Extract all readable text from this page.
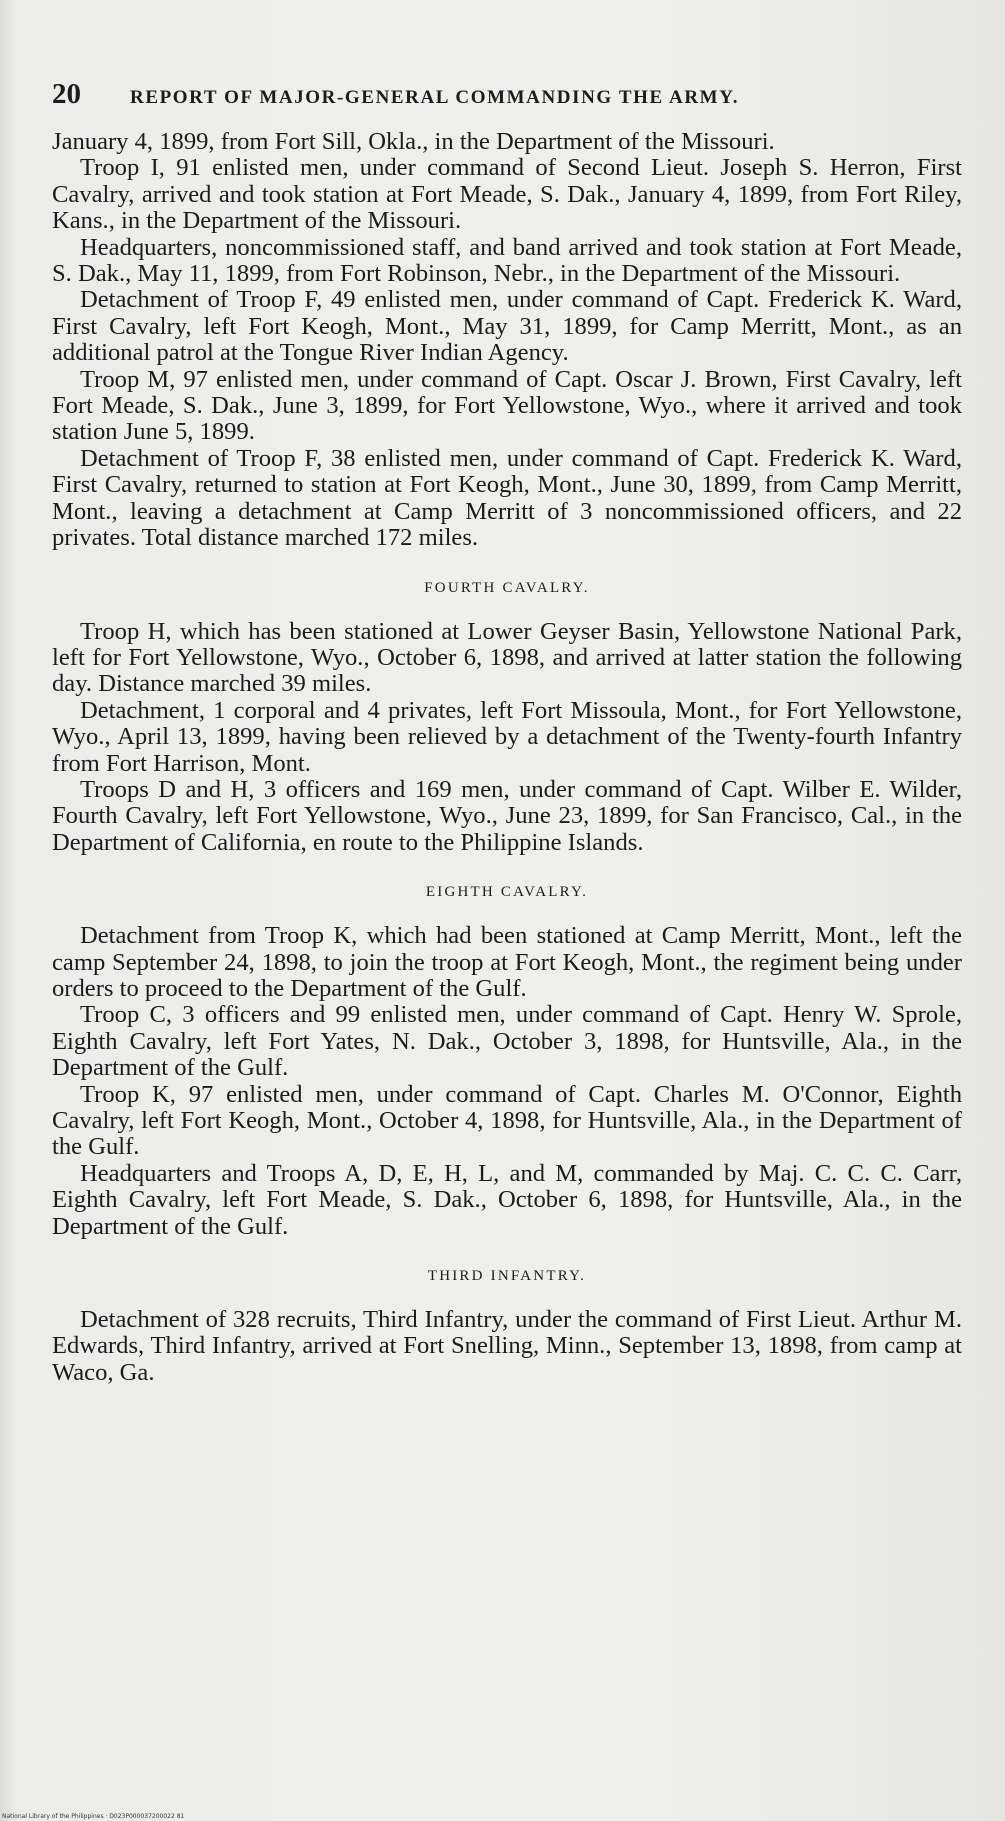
20	REPORT OF MAJOR-GENERAL COMMANDING THE ARMY.

January 4, 1899, from Fort Sill, Okla., in the Department of the Missouri.

Troop I, 91 enlisted men, under command of Second Lieut. Joseph S. Herron, First Cavalry, arrived and took station at Fort Meade, S. Dak., January 4, 1899, from Fort Riley, Kans., in the Department of the Missouri.

Headquarters, noncommissioned staff, and band arrived and took station at Fort Meade, S. Dak., May 11, 1899, from Fort Robinson, Nebr., in the Department of the Missouri.

Detachment of Troop F, 49 enlisted men, under command of Capt. Frederick K. Ward, First Cavalry, left Fort Keogh, Mont., May 31, 1899, for Camp Merritt, Mont., as an additional patrol at the Tongue River Indian Agency.

Troop M, 97 enlisted men, under command of Capt. Oscar J. Brown, First Cavalry, left Fort Meade, S. Dak., June 3, 1899, for Fort Yellowstone, Wyo., where it arrived and took station June 5, 1899.

Detachment of Troop F, 38 enlisted men, under command of Capt. Frederick K. Ward, First Cavalry, returned to station at Fort Keogh, Mont., June 30, 1899, from Camp Merritt, Mont., leaving a detachment at Camp Merritt of 3 noncommissioned officers, and 22 privates. Total distance marched 172 miles.

FOURTH CAVALRY.

Troop H, which has been stationed at Lower Geyser Basin, Yellowstone National Park, left for Fort Yellowstone, Wyo., October 6, 1898, and arrived at latter station the following day. Distance marched 39 miles.

Detachment, 1 corporal and 4 privates, left Fort Missoula, Mont., for Fort Yellowstone, Wyo., April 13, 1899, having been relieved by a detachment of the Twenty-fourth Infantry from Fort Harrison, Mont.

Troops D and H, 3 officers and 169 men, under command of Capt. Wilber E. Wilder, Fourth Cavalry, left Fort Yellowstone, Wyo., June 23, 1899, for San Francisco, Cal., in the Department of California, en route to the Philippine Islands.

EIGHTH CAVALRY.

Detachment from Troop K, which had been stationed at Camp Merritt, Mont., left the camp September 24, 1898, to join the troop at Fort Keogh, Mont., the regiment being under orders to proceed to the Department of the Gulf.

Troop C, 3 officers and 99 enlisted men, under command of Capt. Henry W. Sprole, Eighth Cavalry, left Fort Yates, N. Dak., October 3, 1898, for Huntsville, Ala., in the Department of the Gulf.

Troop K, 97 enlisted men, under command of Capt. Charles M. O'Connor, Eighth Cavalry, left Fort Keogh, Mont., October 4, 1898, for Huntsville, Ala., in the Department of the Gulf.

Headquarters and Troops A, D, E, H, L, and M, commanded by Maj. C. C. C. Carr, Eighth Cavalry, left Fort Meade, S. Dak., October 6, 1898, for Huntsville, Ala., in the Department of the Gulf.

THIRD INFANTRY.

Detachment of 328 recruits, Third Infantry, under the command of First Lieut. Arthur M. Edwards, Third Infantry, arrived at Fort Snelling, Minn., September 13, 1898, from camp at Waco, Ga.

National Library of the Philippines · D023P000037200022 81
